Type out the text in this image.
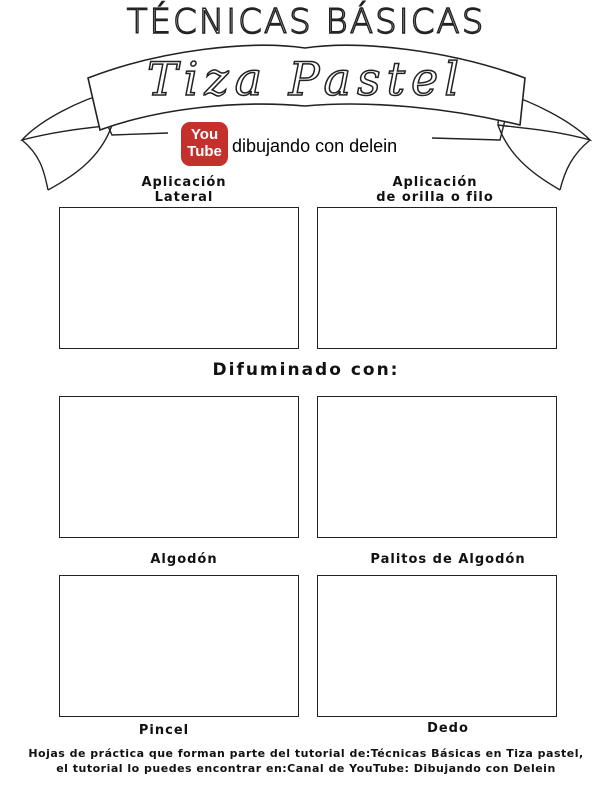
TÉCNICAS BÁSICAS
Tiza Pastel
You
Tube dibujando con delein
Aplicación
Lateral
Aplicación
de orilla o filo
Difuminado con:
Algodón	Palitos de Algodón
Pincel	Dedo
Hojas de práctica que forman parte del tutorial de:Técnicas Básicas en Tiza pastel,
el tutorial lo puedes encontrar en:Canal de YouTube: Dibujando con Delein
